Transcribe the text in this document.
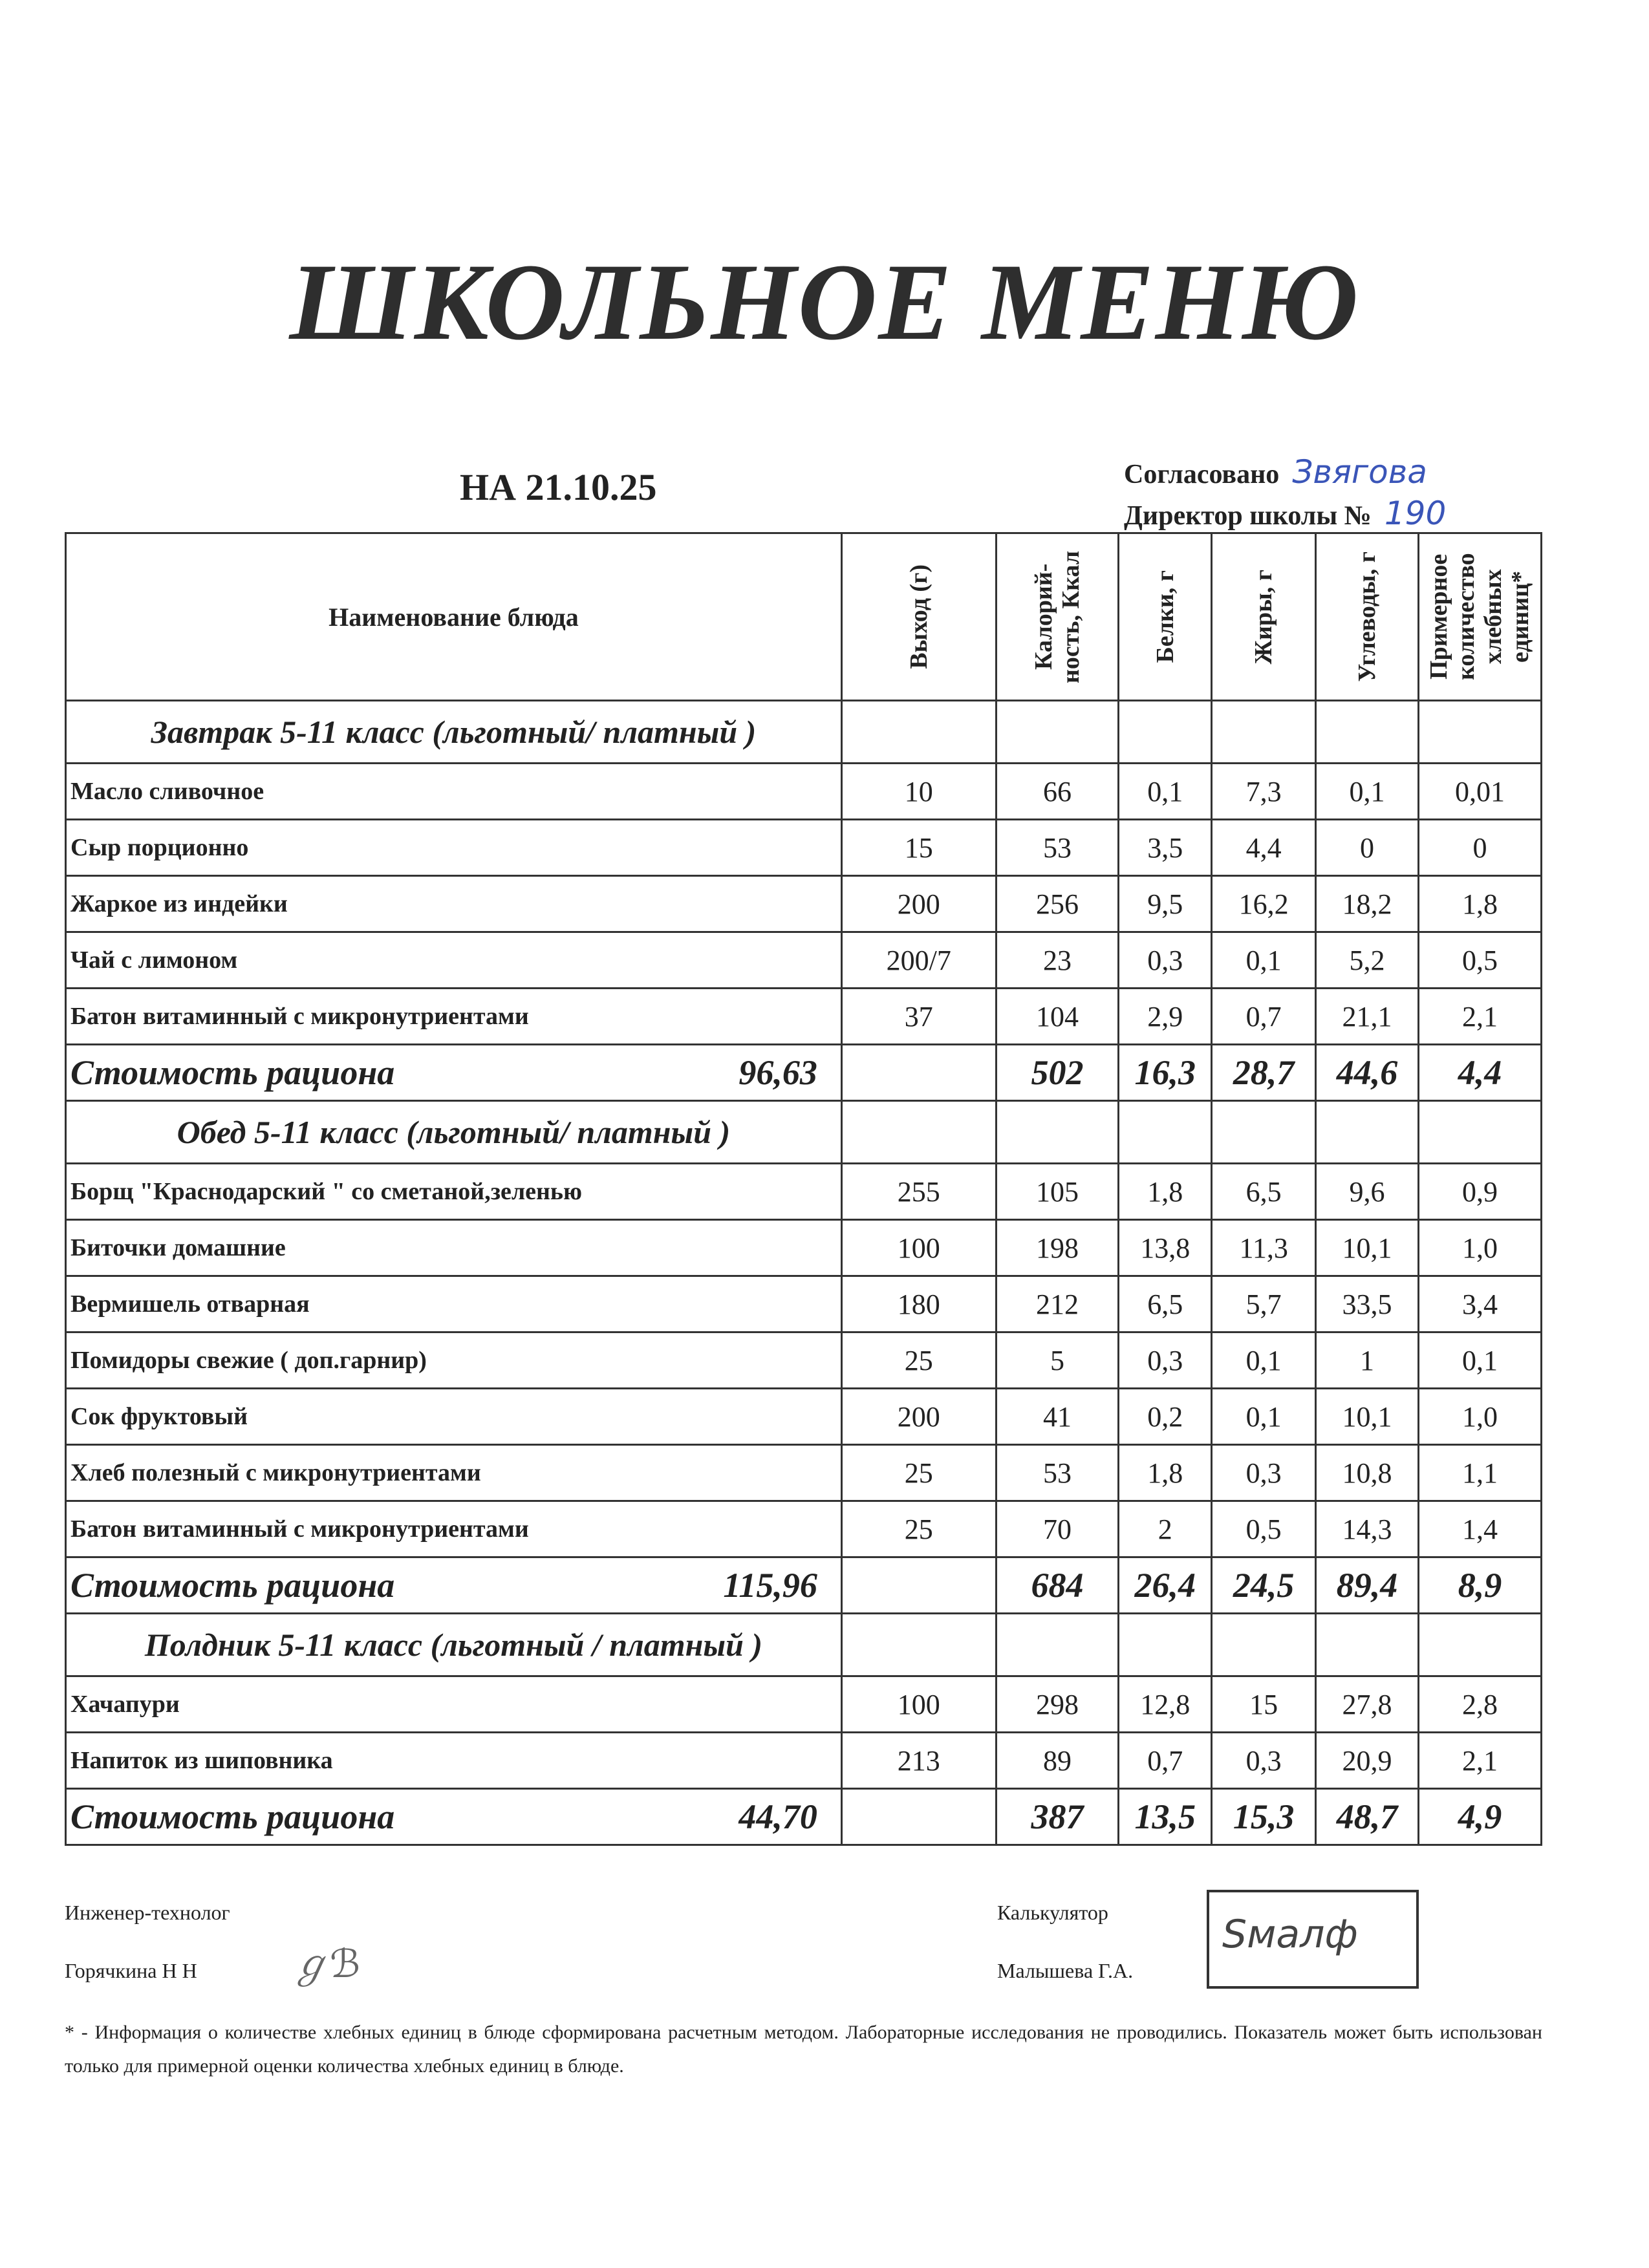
ШКОЛЬНОЕ МЕНЮ
НА 21.10.25	Согласовано Звягова
Директор школы № 190
Наименование блюда	Выход (г)	Калорий-ность, Ккал	Белки, г	Жиры, г	Углеводы, г	Примерное количество хлебных единиц*

Завтрак 5-11 класс (льготный/ платный )						
Масло сливочное	10	66	0,1	7,3	0,1	0,01
Сыр порционно	15	53	3,5	4,4	0	0
Жаркое из индейки	200	256	9,5	16,2	18,2	1,8
Чай с лимоном	200/7	23	0,3	0,1	5,2	0,5
Батон витаминный с микронутриентами	37	104	2,9	0,7	21,1	2,1
Стоимость рациона 96,63		502	16,3	28,7	44,6	4,4
Обед 5-11 класс (льготный/ платный )						
Борщ "Краснодарский " со сметаной,зеленью	255	105	1,8	6,5	9,6	0,9
Биточки домашние	100	198	13,8	11,3	10,1	1,0
Вермишель отварная	180	212	6,5	5,7	33,5	3,4
Помидоры свежие ( доп.гарнир)	25	5	0,3	0,1	1	0,1
Сок фруктовый	200	41	0,2	0,1	10,1	1,0
Хлеб полезный с микронутриентами	25	53	1,8	0,3	10,8	1,1
Батон витаминный с микронутриентами	25	70	2	0,5	14,3	1,4
Стоимость рациона 115,96		684	26,4	24,5	89,4	8,9
Полдник 5-11 класс (льготный / платный )						
Хачапури	100	298	12,8	15	27,8	2,8
Напиток из шиповника	213	89	0,7	0,3	20,9	2,1
Стоимость рациона 44,70		387	13,5	15,3	48,7	4,9
Инженер-технолог
Горячкина Н Н ℊℬ
Калькулятор
Малышева Г.А.
Ѕмалф
* - Информация о количестве хлебных единиц в блюде сформирована расчетным методом. Лабораторные исследования не проводились. Показатель может быть использован только для примерной оценки количества хлебных единиц в блюде.
